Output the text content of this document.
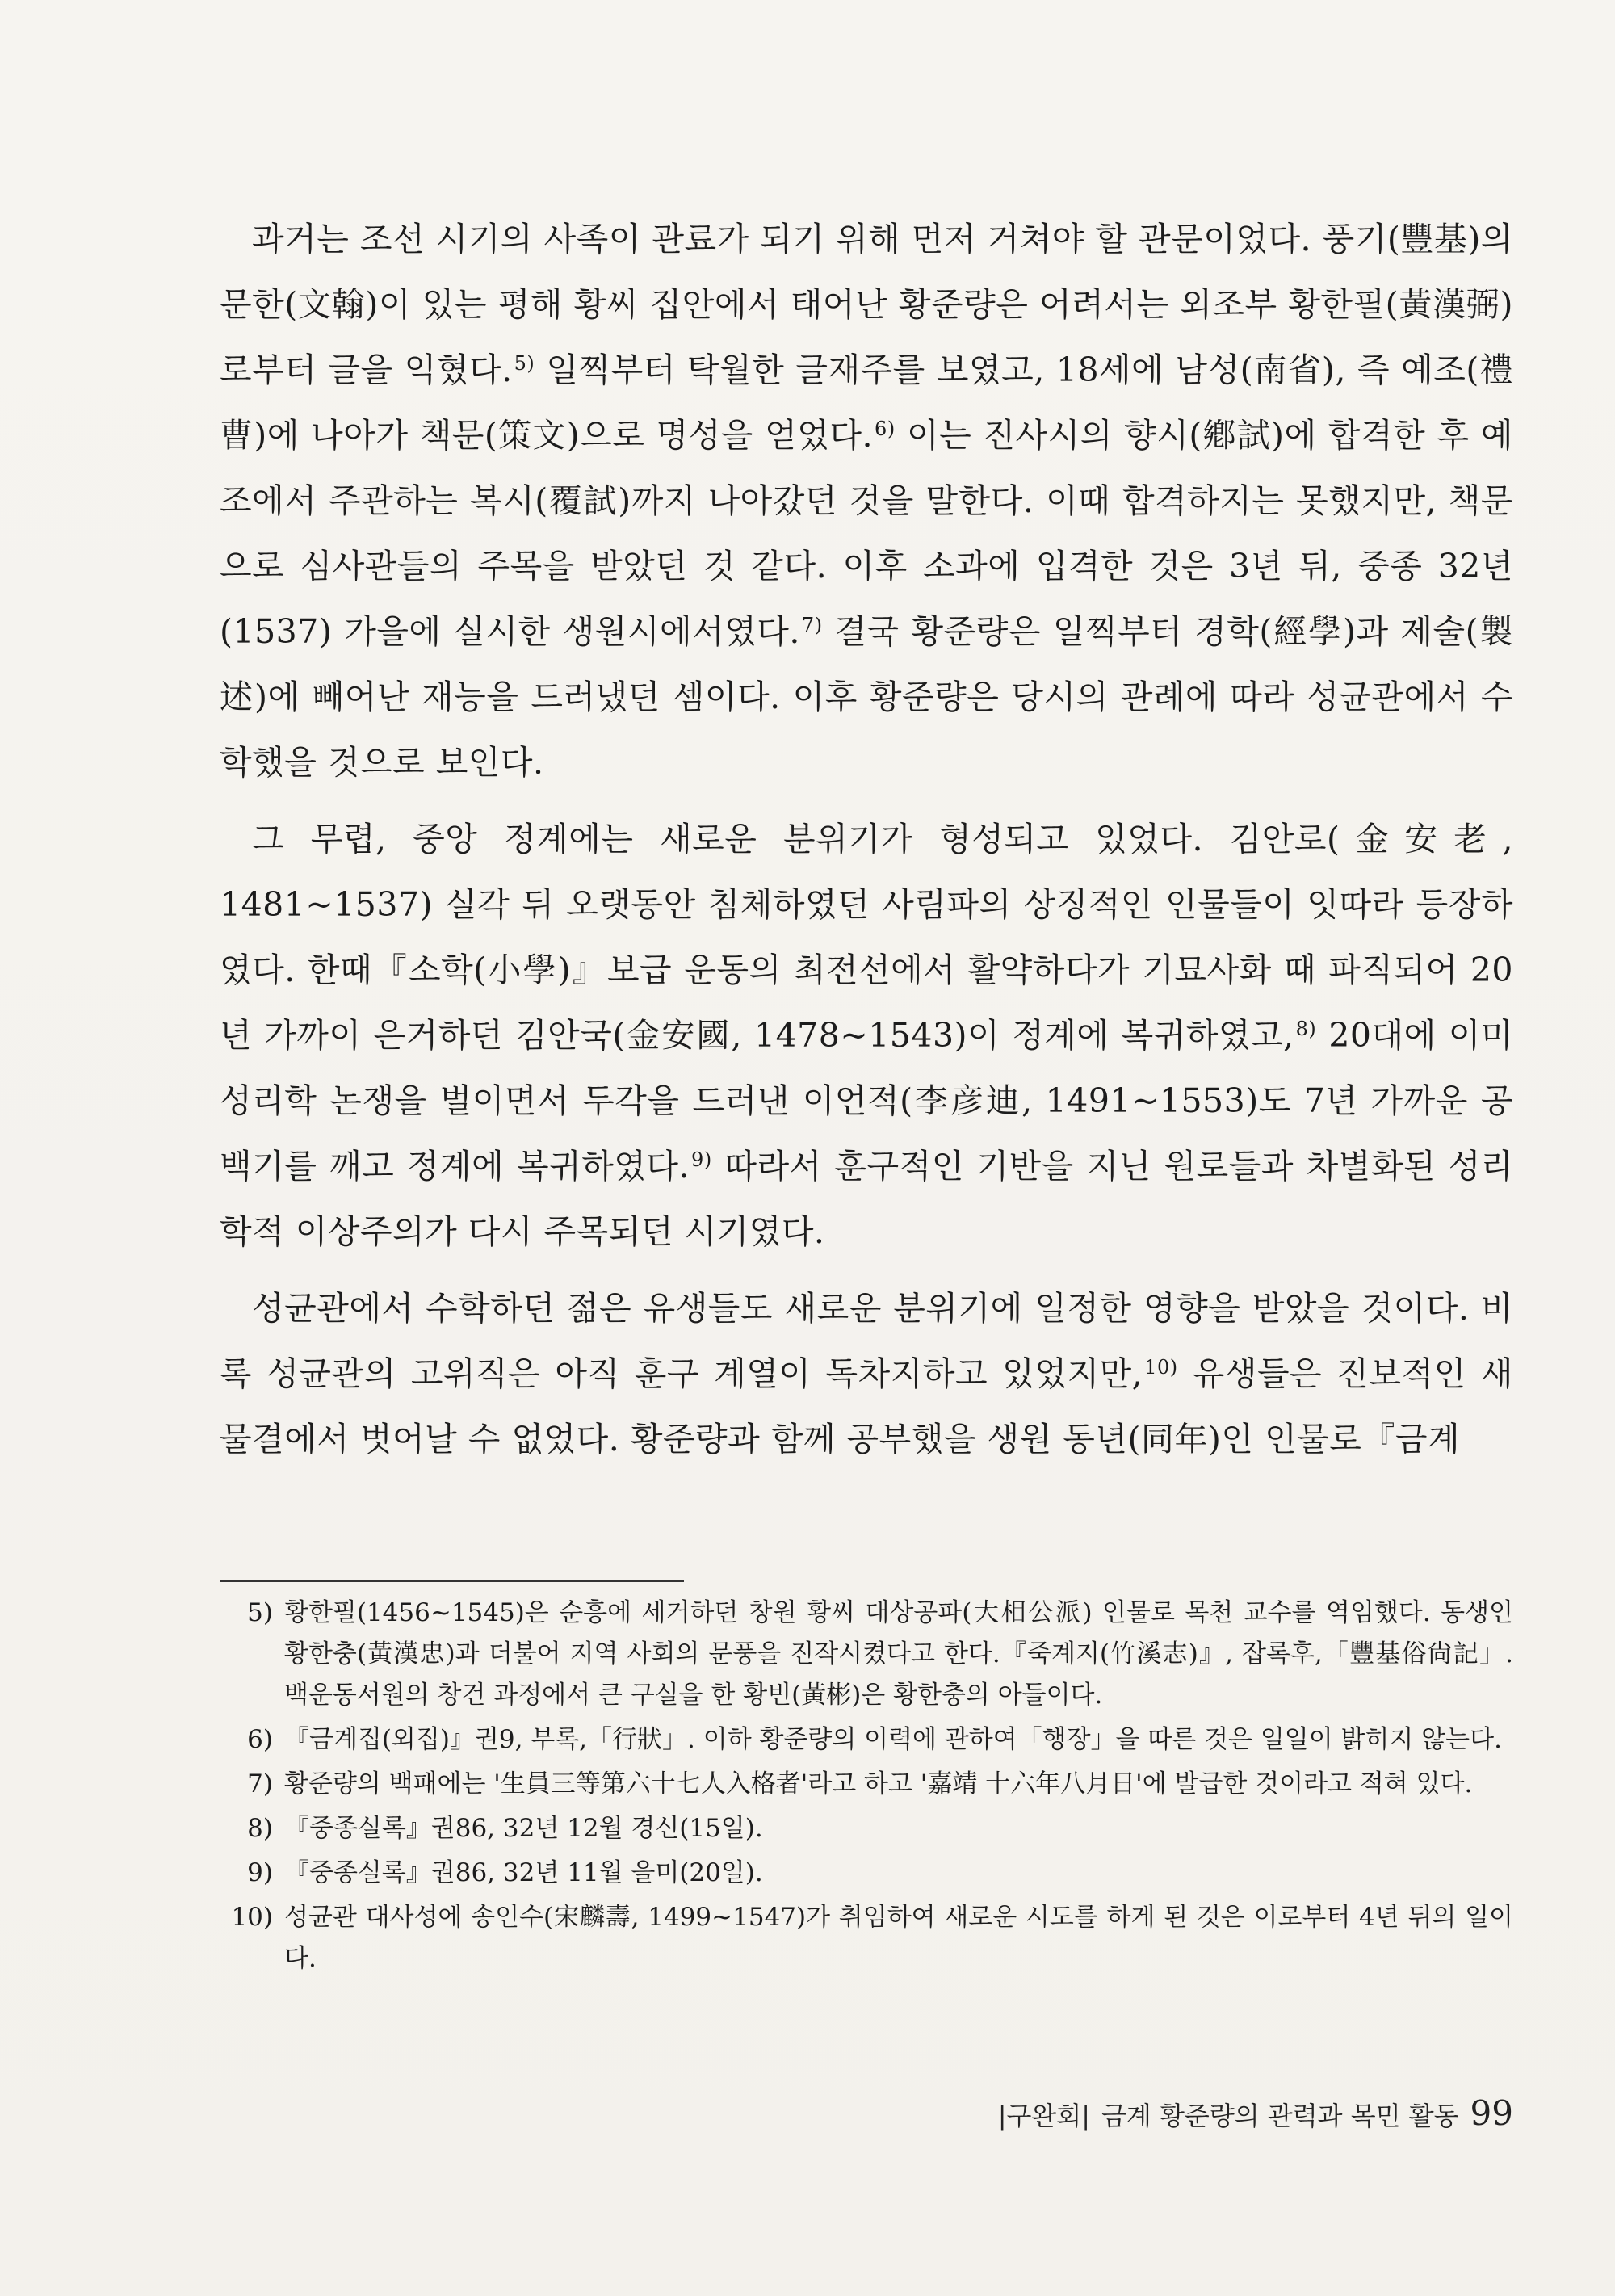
과거는 조선 시기의 사족이 관료가 되기 위해 먼저 거쳐야 할 관문이었다. 풍기(豐基)의 문한(文翰)이 있는 평해 황씨 집안에서 태어난 황준량은 어려서는 외조부 황한필(黃漢弼)로부터 글을 익혔다.$^{5)}$ 일찍부터 탁월한 글재주를 보였고, 18세에 남성(南省), 즉 예조(禮曹)에 나아가 책문(策文)으로 명성을 얻었다.$^{6)}$ 이는 진사시의 향시(鄕試)에 합격한 후 예조에서 주관하는 복시(覆試)까지 나아갔던 것을 말한다. 이때 합격하지는 못했지만, 책문으로 심사관들의 주목을 받았던 것 같다. 이후 소과에 입격한 것은 3년 뒤, 중종 32년(1537) 가을에 실시한 생원시에서였다.$^{7)}$ 결국 황준량은 일찍부터 경학(經學)과 제술(製述)에 빼어난 재능을 드러냈던 셈이다. 이후 황준량은 당시의 관례에 따라 성균관에서 수학했을 것으로 보인다.

그 무렵, 중앙 정계에는 새로운 분위기가 형성되고 있었다. 김안로(金安老, 1481~1537) 실각 뒤 오랫동안 침체하였던 사림파의 상징적인 인물들이 잇따라 등장하였다. 한때『소학(小學)』보급 운동의 최전선에서 활약하다가 기묘사화 때 파직되어 20년 가까이 은거하던 김안국(金安國, 1478~1543)이 정계에 복귀하였고,$^{8)}$ 20대에 이미 성리학 논쟁을 벌이면서 두각을 드러낸 이언적(李彦迪, 1491~1553)도 7년 가까운 공백기를 깨고 정계에 복귀하였다.$^{9)}$ 따라서 훈구적인 기반을 지닌 원로들과 차별화된 성리학적 이상주의가 다시 주목되던 시기였다.

성균관에서 수학하던 젊은 유생들도 새로운 분위기에 일정한 영향을 받았을 것이다. 비록 성균관의 고위직은 아직 훈구 계열이 독차지하고 있었지만,$^{10)}$ 유생들은 진보적인 새 물결에서 벗어날 수 없었다. 황준량과 함께 공부했을 생원 동년(同年)인 인물로『금계

5) 황한필(1456~1545)은 순흥에 세거하던 창원 황씨 대상공파(大相公派) 인물로 목천 교수를 역임했다. 동생인 황한충(黃漢忠)과 더불어 지역 사회의 문풍을 진작시켰다고 한다.『죽계지(竹溪志)』, 잡록후,「豐基俗尙記」. 백운동서원의 창건 과정에서 큰 구실을 한 황빈(黃彬)은 황한충의 아들이다.
6) 『금계집(외집)』권9, 부록,「行狀」. 이하 황준량의 이력에 관하여「행장」을 따른 것은 일일이 밝히지 않는다.
7) 황준량의 백패에는 '生員三等第六十七人入格者'라고 하고 '嘉靖 十六年八月日'에 발급한 것이라고 적혀 있다.
8) 『중종실록』권86, 32년 12월 경신(15일).
9) 『중종실록』권86, 32년 11월 을미(20일).
10) 성균관 대사성에 송인수(宋麟壽, 1499~1547)가 취임하여 새로운 시도를 하게 된 것은 이로부터 4년 뒤의 일이다.
|구완회| 금계 황준량의 관력과 목민 활동 99
